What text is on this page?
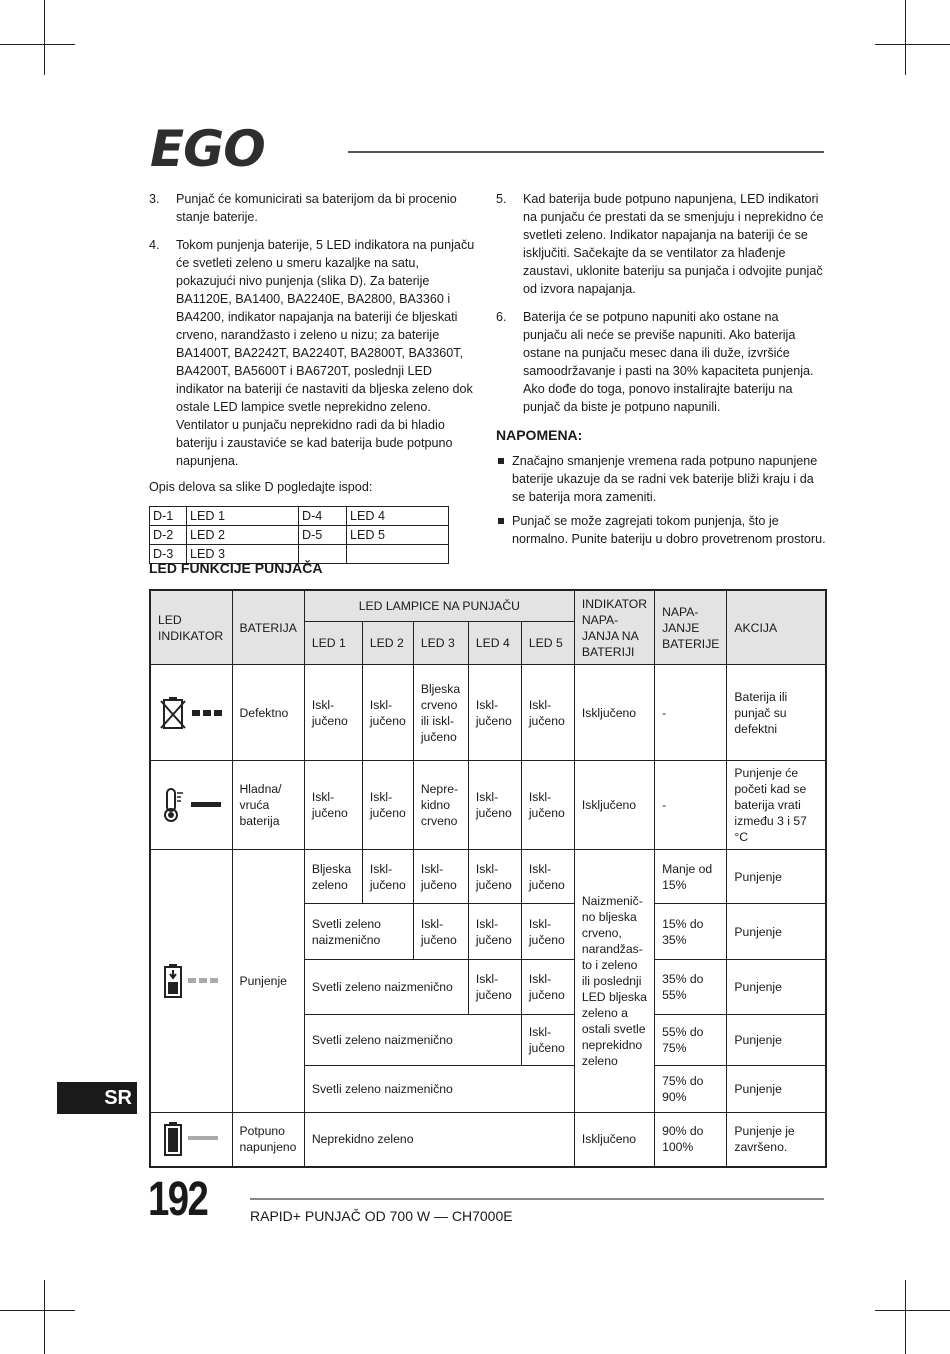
EGO
3. Punjač će komunicirati sa baterijom da bi procenio stanje baterije.
4. Tokom punjenja baterije, 5 LED indikatora na punjaču će svetleti zeleno u smeru kazaljke na satu, pokazujući nivo punjenja (slika D). Za baterije BA1120E, BA1400, BA2240E, BA2800, BA3360 i BA4200, indikator napajanja na bateriji će bljeskati crveno, narandžasto i zeleno u nizu; za baterije BA1400T, BA2242T, BA2240T, BA2800T, BA3360T, BA4200T, BA5600T i BA6720T, poslednji LED indikator na bateriji će nastaviti da bljeska zeleno dok ostale LED lampice svetle neprekidno zeleno. Ventilator u punjaču neprekidno radi da bi hladio bateriju i zaustaviće se kad baterija bude potpuno napunjena.
Opis delova sa slike D pogledajte ispod:
D-1	LED 1	D-4	LED 4
D-2	LED 2	D-5	LED 5
D-3	LED 3		
5. Kad baterija bude potpuno napunjena, LED indikatori na punjaču će prestati da se smenjuju i neprekidno će svetleti zeleno. Indikator napajanja na bateriji će se isključiti. Sačekajte da se ventilator za hlađenje zaustavi, uklonite bateriju sa punjača i odvojite punjač od izvora napajanja.
6. Baterija će se potpuno napuniti ako ostane na punjaču ali neće se previše napuniti. Ako baterija ostane na punjaču mesec dana ili duže, izvršiće samoodržavanje i pasti na 30% kapaciteta punjenja. Ako dođe do toga, ponovo instalirajte bateriju na punjač da biste je potpuno napunili.
NAPOMENA:
Značajno smanjenje vremena rada potpuno napunjene baterije ukazuje da se radni vek baterije bliži kraju i da se baterija mora zameniti.
Punjač se može zagrejati tokom punjenja, što je normalno. Punite bateriju u dobro provetrenom prostoru.
LED FUNKCIJE PUNJAČA
LED INDIKATOR	BATERIJA	LED LAMPICE NA PUNJAČU					INDIKATOR NAPA-JANJA NA BATERIJI	NAPA-JANJE BATERIJE	AKCIJA
		LED 1	LED 2	LED 3	LED 4	LED 5			

	Defektno	Iskl-jučeno	Iskl-jučeno	Bljeska crveno ili iskl-jučeno	Iskl-jučeno	Iskl-jučeno	Isključeno	-	Baterija ili punjač su defektni

	Hladna/ vruća baterija	Iskl-jučeno	Iskl-jučeno	Nepre-kidno crveno	Iskl-jučeno	Iskl-jučeno	Isključeno	-	Punjenje će početi kad se baterija vrati između 3 i 57 °C

	Punjenje	Bljeska zeleno	Iskl-jučeno	Iskl-jučeno	Iskl-jučeno	Iskl-jučeno	Naizmenič-no bljeska crveno, narandžas-to i zeleno ili poslednji LED bljeska zeleno a ostali svetle neprekidno zeleno	Manje od 15%	Punjenje
		Svetli zeleno naizmenično		Iskl-jučeno	Iskl-jučeno	Iskl-jučeno		15% do 35%	Punjenje
		Svetli zeleno naizmenično			Iskl-jučeno	Iskl-jučeno		35% do 55%	Punjenje
		Svetli zeleno naizmenično				Iskl-jučeno		55% do 75%	Punjenje
		Svetli zeleno naizmenično						75% do 90%	Punjenje

	Potpuno napunjeno	Neprekidno zeleno					Isključeno	90% do 100%	Punjenje je završeno.
SR
192	RAPID+ PUNJAČ OD 700 W — CH7000E
